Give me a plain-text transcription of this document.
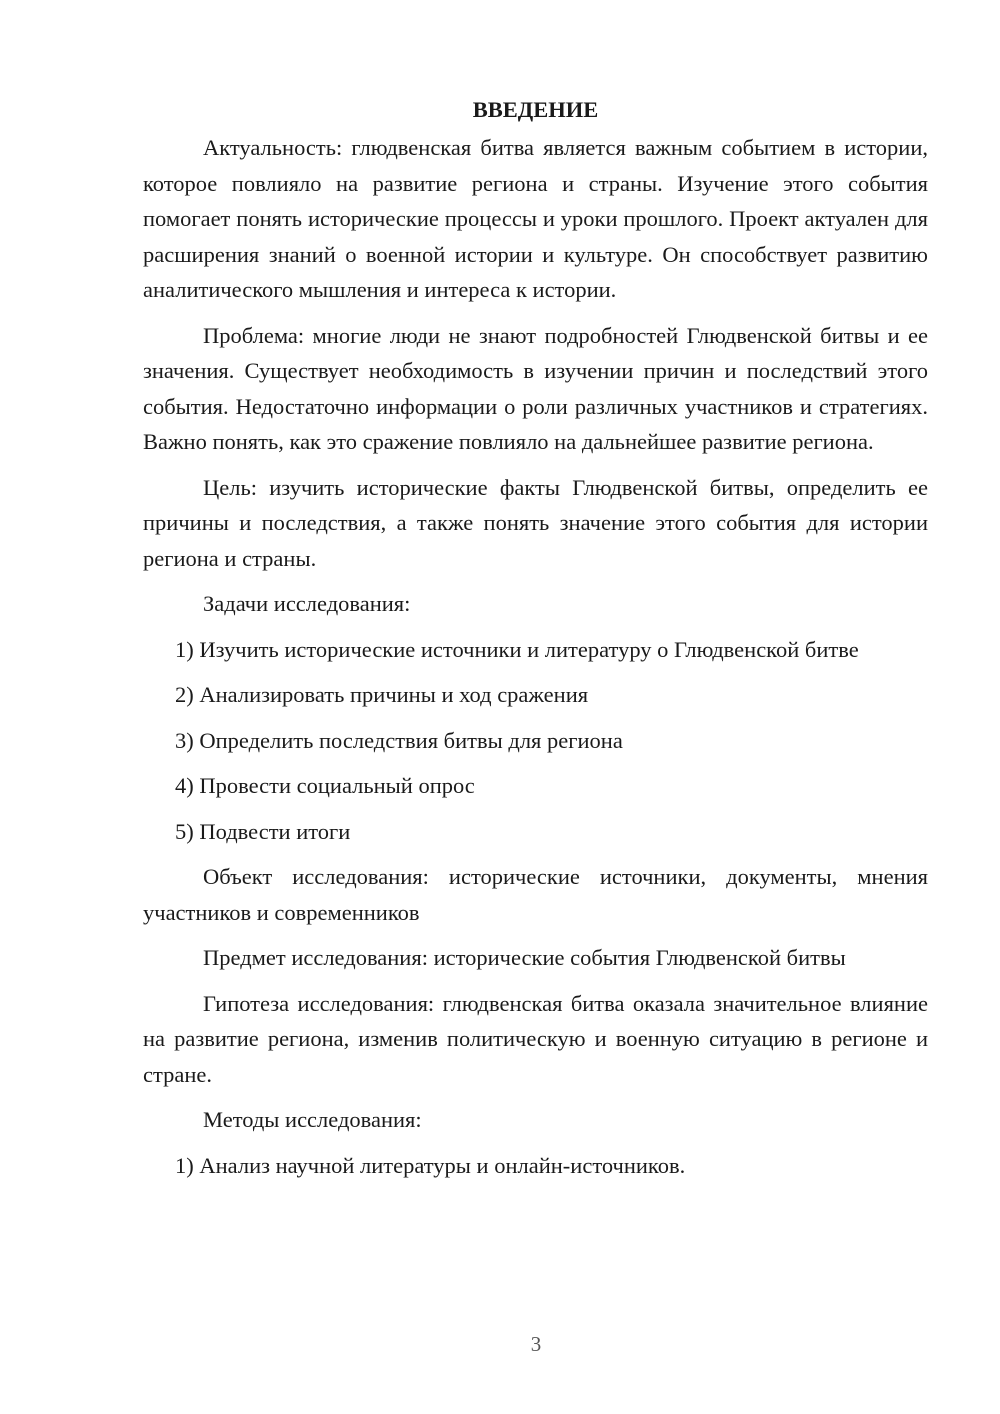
ВВЕДЕНИЕ

Актуальность: глюдвенская битва является важным событием в истории, которое повлияло на развитие региона и страны. Изучение этого события помогает понять исторические процессы и уроки прошлого. Проект актуален для расширения знаний о военной истории и культуре. Он способствует развитию аналитического мышления и интереса к истории.

Проблема: многие люди не знают подробностей Глюдвенской битвы и ее значения. Существует необходимость в изучении причин и последствий этого события. Недостаточно информации о роли различных участников и стратегиях. Важно понять, как это сражение повлияло на дальнейшее развитие региона.

Цель: изучить исторические факты Глюдвенской битвы, определить ее причины и последствия, а также понять значение этого события для истории региона и страны.

Задачи исследования:

1) Изучить исторические источники и литературу о Глюдвенской битве

2) Анализировать причины и ход сражения

3) Определить последствия битвы для региона

4) Провести социальный опрос

5) Подвести итоги

Объект исследования: исторические источники, документы, мнения участников и современников

Предмет исследования: исторические события Глюдвенской битвы

Гипотеза исследования: глюдвенская битва оказала значительное влияние на развитие региона, изменив политическую и военную ситуацию в регионе и стране.

Методы исследования:

1) Анализ научной литературы и онлайн-источников.

3
